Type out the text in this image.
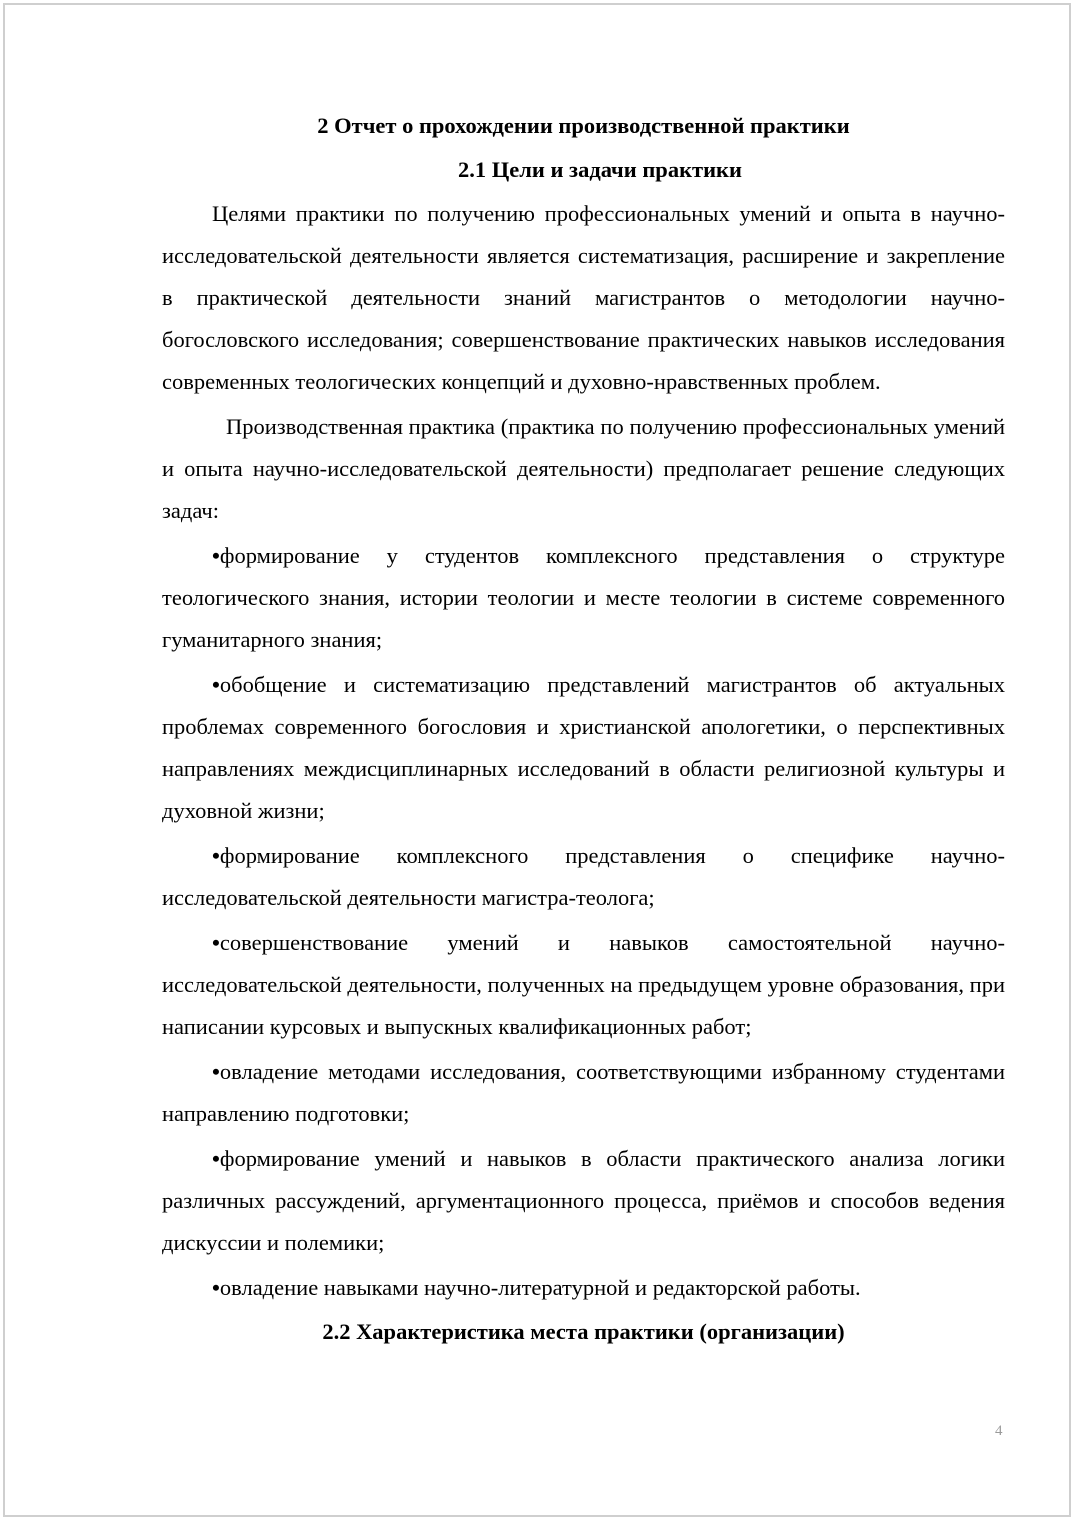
2 Отчет о прохождении производственной практики

2.1 Цели и задачи практики

Целями практики по получению профессиональных умений и опыта в научно-исследовательской деятельности является систематизация, расширение и закрепление в практической деятельности знаний магистрантов о методологии научно-богословского исследования; совершенствование практических навыков исследования современных теологических концепций и духовно-нравственных проблем.

Производственная практика (практика по получению профессиональных умений и опыта научно-исследовательской деятельности) предполагает решение следующих задач:

•формирование у студентов комплексного представления о структуре теологического знания, истории теологии и месте теологии в системе современного гуманитарного знания;

•обобщение и систематизацию представлений магистрантов об актуальных проблемах современного богословия и христианской апологетики, о перспективных направлениях междисциплинарных исследований в области религиозной культуры и духовной жизни;

•формирование комплексного представления о специфике научно-исследовательской деятельности магистра-теолога;

•совершенствование умений и навыков самостоятельной научно-исследовательской деятельности, полученных на предыдущем уровне образования, при написании курсовых и выпускных квалификационных работ;

•овладение методами исследования, соответствующими избранному студентами направлению подготовки;

•формирование умений и навыков в области практического анализа логики различных рассуждений, аргументационного процесса, приёмов и способов ведения дискуссии и полемики;

•овладение навыками научно-литературной и редакторской работы.

2.2 Характеристика места практики (организации)

4
